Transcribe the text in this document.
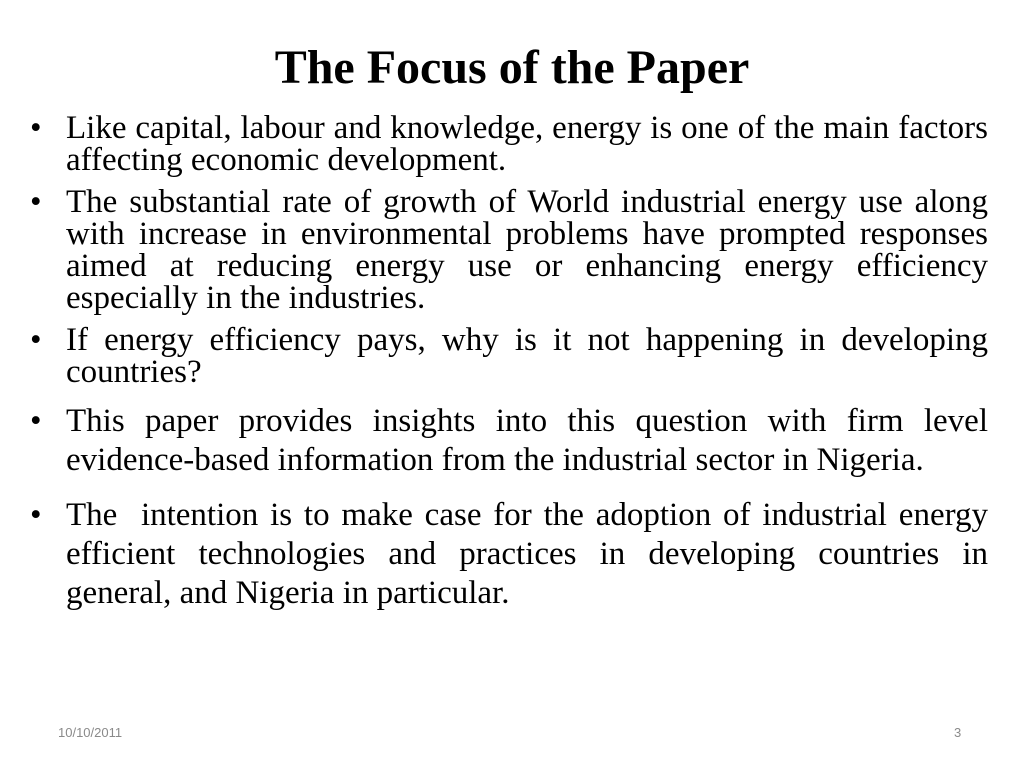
The Focus of the Paper
• Like capital, labour and knowledge, energy is one of the main factors affecting economic development.
• The substantial rate of growth of World industrial energy use along with increase in environmental problems have prompted responses aimed at reducing energy use or enhancing energy efficiency especially in the industries.
• If energy efficiency pays, why is it not happening in developing countries?
• This paper provides insights into this question with firm level evidence-based information from the industrial sector in Nigeria.
• The  intention is to make case for the adoption of industrial energy efficient technologies and practices in developing countries in general, and Nigeria in particular.
10/10/2011	3
